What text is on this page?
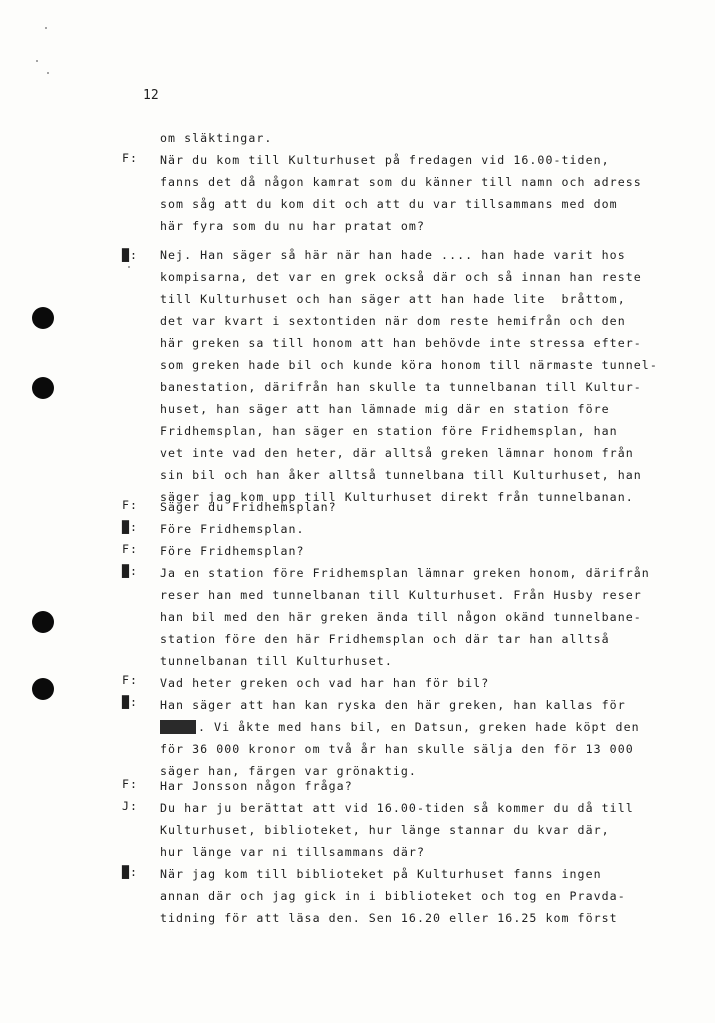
12
F:
█:
F:
█:
F:
█:
F:
█:
F:
J:
█:
om släktingar.
När du kom till Kulturhuset på fredagen vid 16.00-tiden,
fanns det då någon kamrat som du känner till namn och adress
som såg att du kom dit och att du var tillsammans med dom
här fyra som du nu har pratat om?
Nej. Han säger så här när han hade .... han hade varit hos
kompisarna, det var en grek också där och så innan han reste
till Kulturhuset och han säger att han hade lite  bråttom,
det var kvart i sextontiden när dom reste hemifrån och den
här greken sa till honom att han behövde inte stressa efter-
som greken hade bil och kunde köra honom till närmaste tunnel-
banestation, därifrån han skulle ta tunnelbanan till Kultur-
huset, han säger att han lämnade mig där en station före
Fridhemsplan, han säger en station före Fridhemsplan, han
vet inte vad den heter, där alltså greken lämnar honom från
sin bil och han åker alltså tunnelbana till Kulturhuset, han
säger jag kom upp till Kulturhuset direkt från tunnelbanan.
Säger du Fridhemsplan?
Före Fridhemsplan.
Före Fridhemsplan?
Ja en station före Fridhemsplan lämnar greken honom, därifrån
reser han med tunnelbanan till Kulturhuset. Från Husby reser
han bil med den här greken ända till någon okänd tunnelbane-
station före den här Fridhemsplan och där tar han alltså
tunnelbanan till Kulturhuset.
Vad heter greken och vad har han för bil?
Han säger att han kan ryska den här greken, han kallas för
. Vi åkte med hans bil, en Datsun, greken hade köpt den
för 36 000 kronor om två år han skulle sälja den för 13 000
säger han, färgen var grönaktig.
Har Jonsson någon fråga?
Du har ju berättat att vid 16.00-tiden så kommer du då till
Kulturhuset, biblioteket, hur länge stannar du kvar där,
hur länge var ni tillsammans där?
När jag kom till biblioteket på Kulturhuset fanns ingen
annan där och jag gick in i biblioteket och tog en Pravda-
tidning för att läsa den. Sen 16.20 eller 16.25 kom först
